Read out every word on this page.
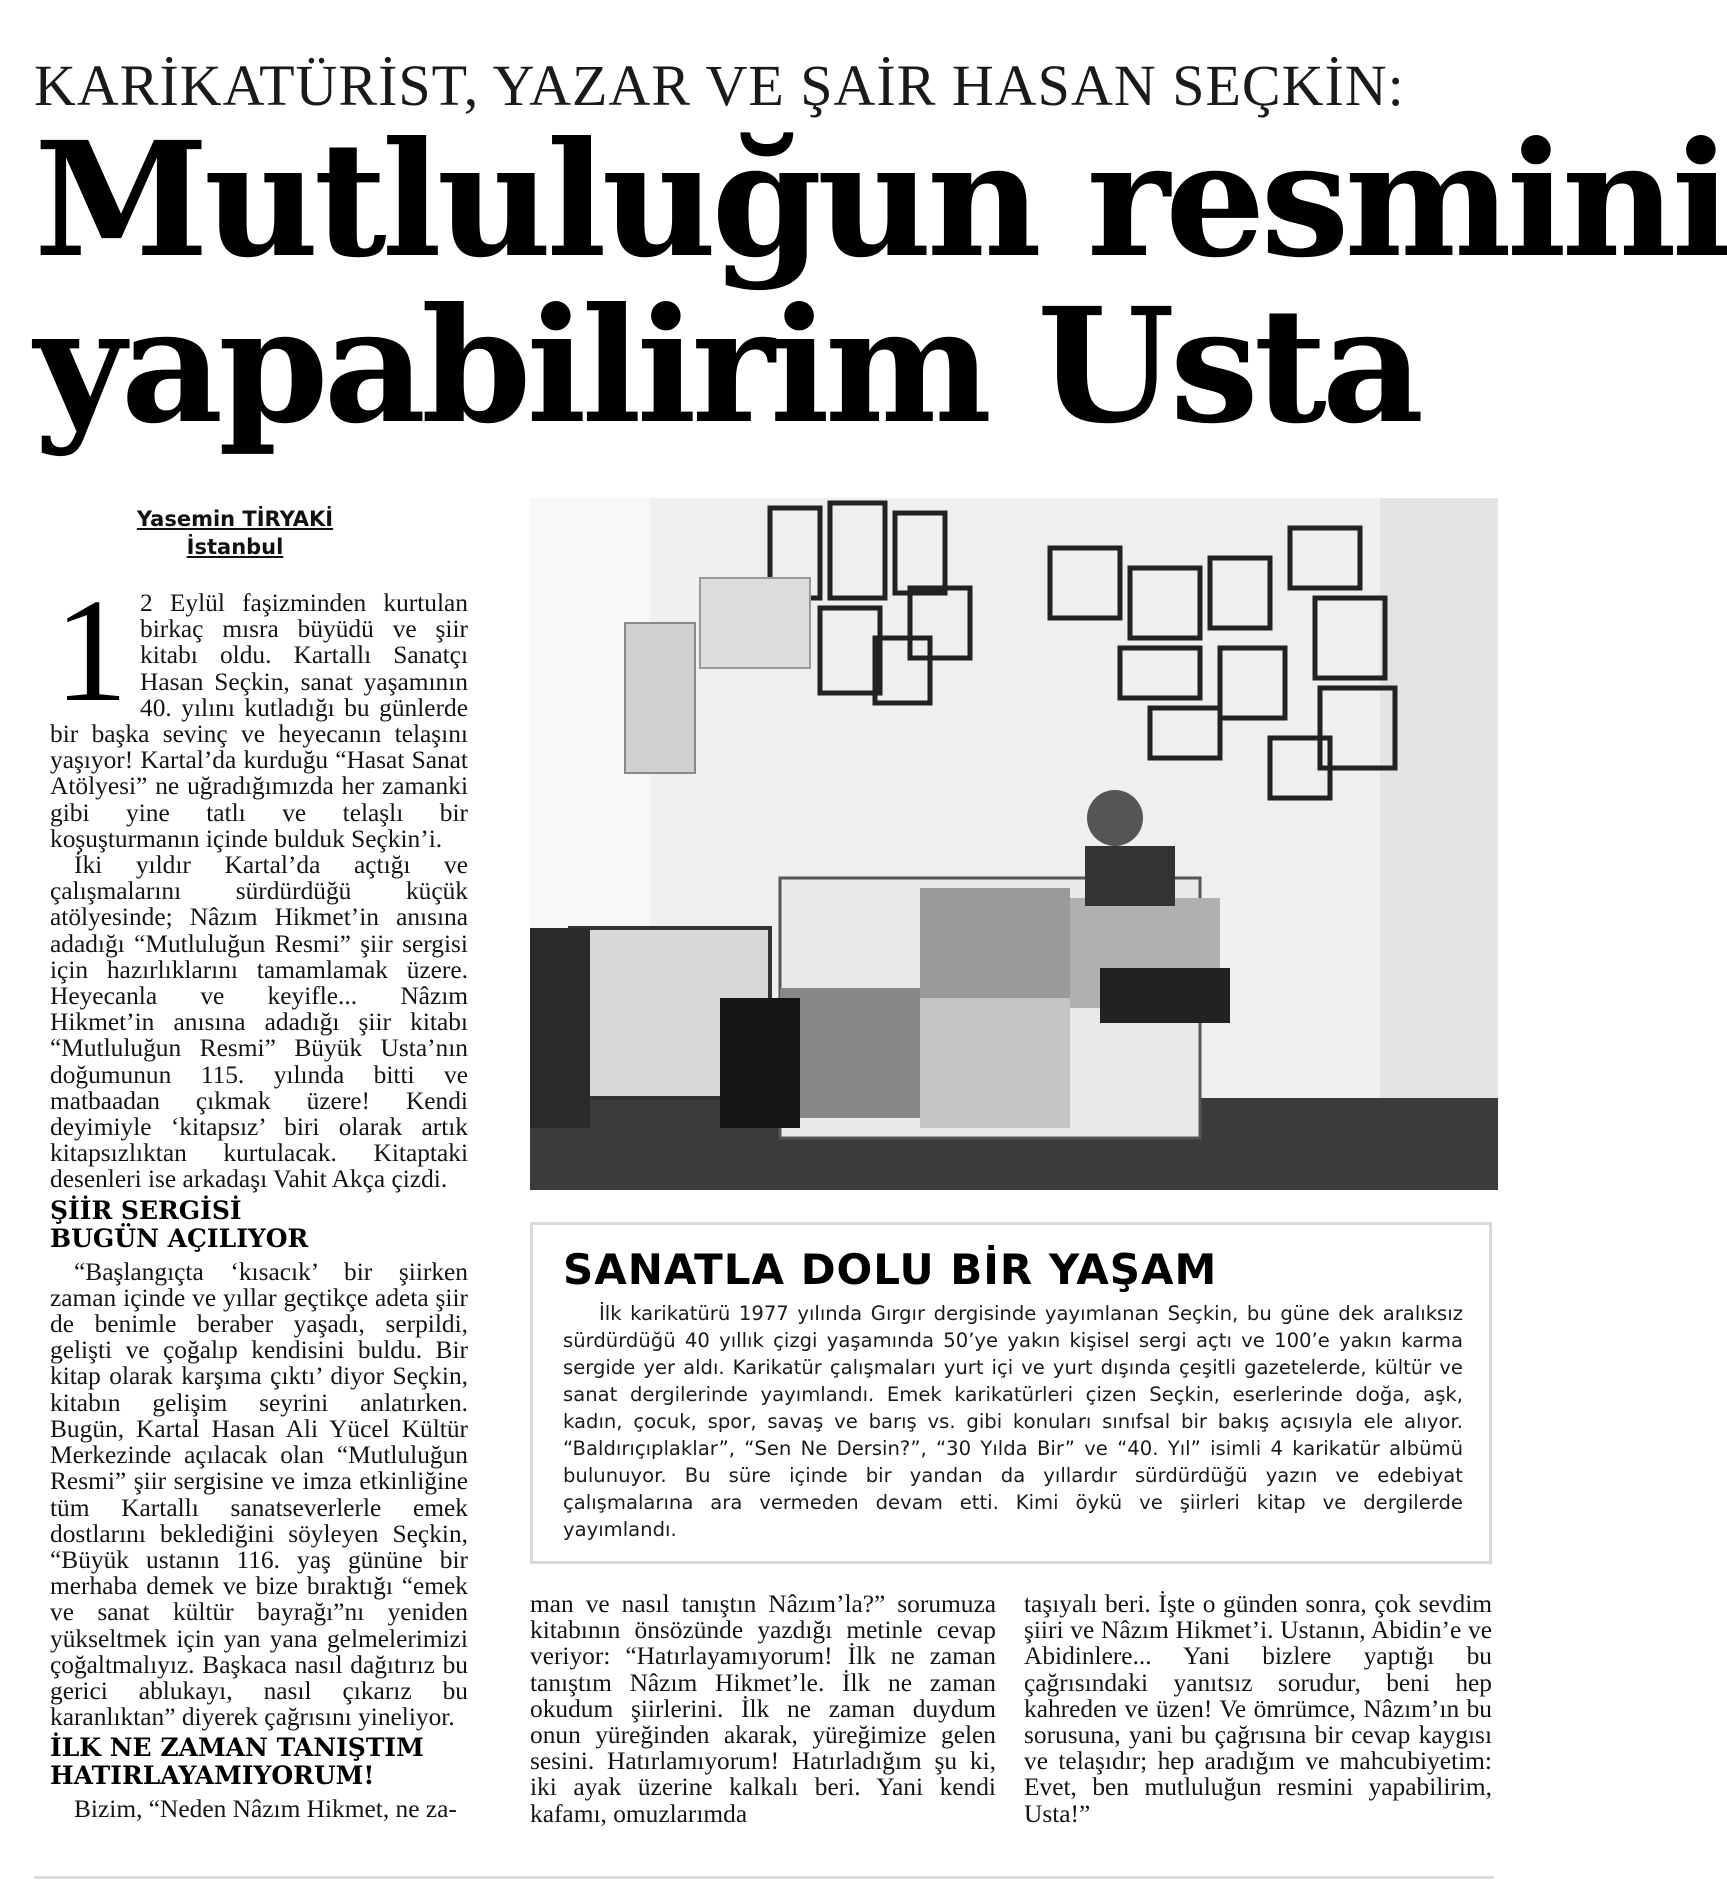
KARİKATÜRİST, YAZAR VE ŞAİR HASAN SEÇKİN:
Mutluluğun resmini
yapabilirim Usta
Yasemin TİRYAKİ
İstanbul

1 2 Eylül faşizminden kurtulan birkaç mısra büyüdü ve şiir kitabı oldu. Kartallı Sanatçı Hasan Seçkin, sanat yaşamının 40. yılını kutladığı bu günlerde bir başka sevinç ve heyecanın telaşını yaşıyor! Kartal’da kurduğu “Hasat Sanat Atölyesi” ne uğradığımızda her zamanki gibi yine tatlı ve telaşlı bir koşuşturmanın içinde bulduk Seçkin’i.

İki yıldır Kartal’da açtığı ve çalışmalarını sürdürdüğü küçük atölyesinde; Nâzım Hikmet’in anısına adadığı “Mutluluğun Resmi” şiir sergisi için hazırlıklarını tamamlamak üzere. Heyecanla ve keyifle... Nâzım Hikmet’in anısına adadığı şiir kitabı “Mutluluğun Resmi” Büyük Usta’nın doğumunun 115. yılında bitti ve matbaadan çıkmak üzere! Kendi deyimiyle ‘kitapsız’ biri olarak artık kitapsızlıktan kurtulacak. Kitaptaki desenleri ise arkadaşı Vahit Akça çizdi.

ŞİİR SERGİSİ
BUGÜN AÇILIYOR

“Başlangıçta ‘kısacık’ bir şiirken zaman içinde ve yıllar geçtikçe adeta şiir de benimle beraber yaşadı, serpildi, gelişti ve çoğalıp kendisini buldu. Bir kitap olarak karşıma çıktı’ diyor Seçkin, kitabın gelişim seyrini anlatırken. Bugün, Kartal Hasan Ali Yücel Kültür Merkezinde açılacak olan “Mutluluğun Resmi” şiir sergisine ve imza etkinliğine tüm Kartallı sanatseverlerle emek dostlarını beklediğini söyleyen Seçkin, “Büyük ustanın 116. yaş gününe bir merhaba demek ve bize bıraktığı “emek ve sanat kültür bayrağı”nı yeniden yükseltmek için yan yana gelmelerimizi çoğaltmalıyız. Başkaca nasıl dağıtırız bu gerici ablukayı, nasıl çıkarız bu karanlıktan” diyerek çağrısını yineliyor.

İLK NE ZAMAN TANIŞTIM
HATIRLAYAMIYORUM!

Bizim, “Neden Nâzım Hikmet, ne za-

SANATLA DOLU BİR YAŞAM
İlk karikatürü 1977 yılında Gırgır dergisinde yayımlanan Seçkin, bu güne dek aralıksız sürdürdüğü 40 yıllık çizgi yaşamında 50’ye yakın kişisel sergi açtı ve 100’e yakın karma sergide yer aldı. Karikatür çalışmaları yurt içi ve yurt dışında çeşitli gazetelerde, kültür ve sanat dergilerinde yayımlandı. Emek karikatürleri çizen Seçkin, eserlerinde doğa, aşk, kadın, çocuk, spor, savaş ve barış vs. gibi konuları sınıfsal bir bakış açısıyla ele alıyor. “Baldırıçıplaklar”, “Sen Ne Dersin?”, “30 Yılda Bir” ve “40. Yıl” isimli 4 karikatür albümü bulunuyor. Bu süre içinde bir yandan da yıllardır sürdürdüğü yazın ve edebiyat çalışmalarına ara vermeden devam etti. Kimi öykü ve şiirleri kitap ve dergilerde yayımlandı.
man ve nasıl tanıştın Nâzım’la?” sorumuza kitabının önsözünde yazdığı metinle cevap veriyor: “Hatırlayamıyorum! İlk ne zaman tanıştım Nâzım Hikmet’le. İlk ne zaman okudum şiirlerini. İlk ne zaman duydum onun yüreğinden akarak, yüreğimize gelen sesini. Hatırlamıyorum! Hatırladığım şu ki, iki ayak üzerine kalkalı beri. Yani kendi kafamı, omuzlarımda
taşıyalı beri. İşte o günden sonra, çok sevdim şiiri ve Nâzım Hikmet’i. Ustanın, Abidin’e ve Abidinlere... Yani bizlere yaptığı bu çağrısındaki yanıtsız sorudur, beni hep kahreden ve üzen! Ve ömrümce, Nâzım’ın bu sorusuna, yani bu çağrısına bir cevap kaygısı ve telaşıdır; hep aradığım ve mahcubiyetim: Evet, ben mutluluğun resmini yapabilirim, Usta!”
